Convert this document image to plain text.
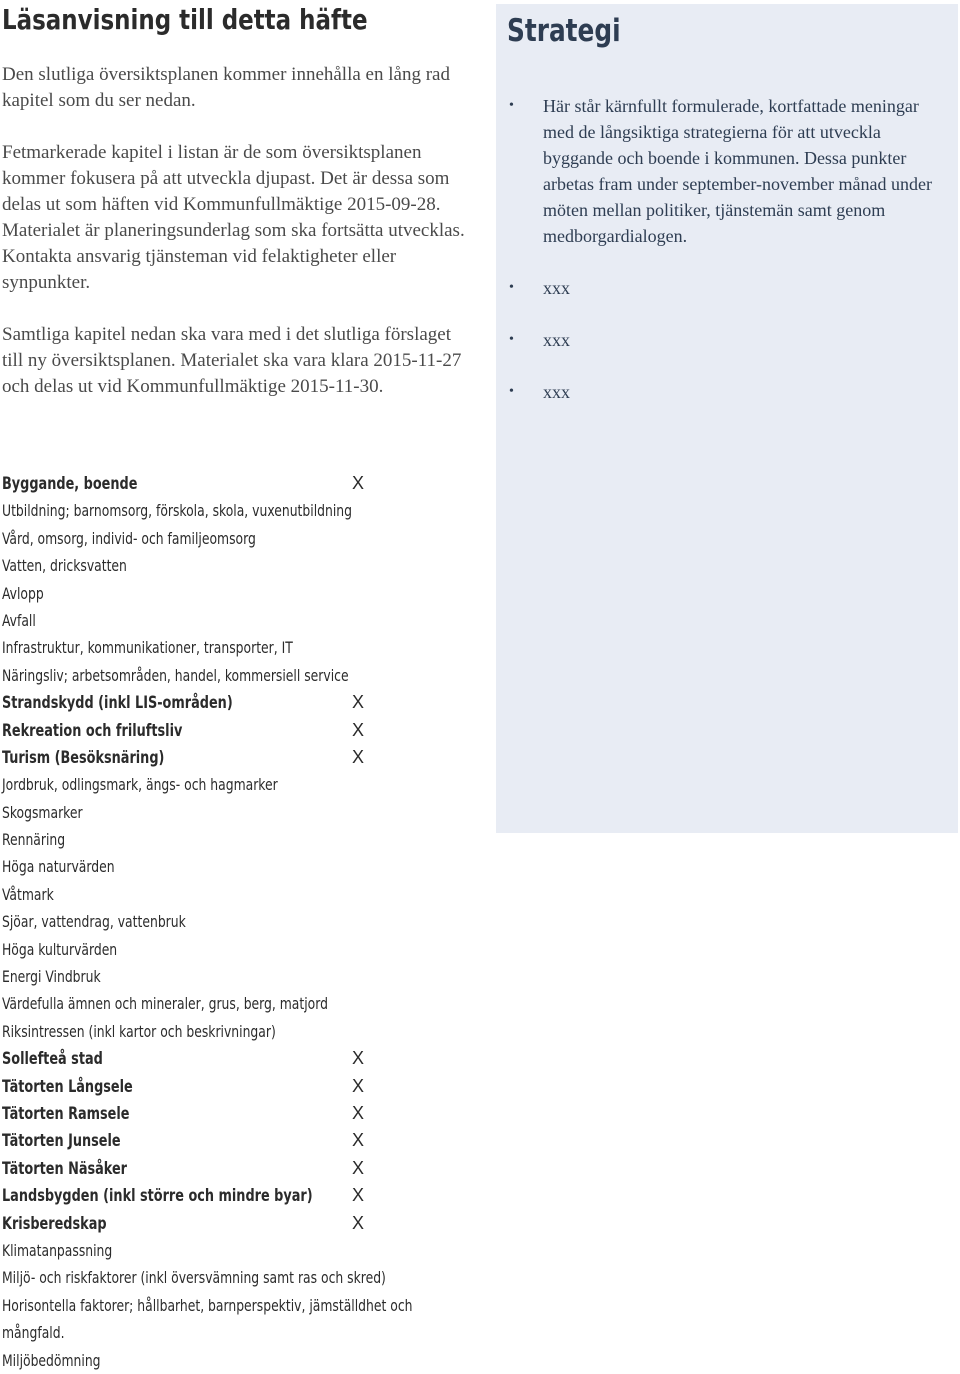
Läsanvisning till detta häfte

Den slutliga översiktsplanen kommer innehålla en lång rad kapitel som du ser nedan.

Fetmarkerade kapitel i listan är de som översiktsplanen kommer fokusera på att utveckla djupast. Det är dessa som delas ut som häften vid Kommunfullmäktige 2015-09-28. Materialet är planeringsunderlag som ska fortsätta utvecklas. Kontakta ansvarig tjänsteman vid felaktigheter eller synpunkter.

Samtliga kapitel nedan ska vara med i det slutliga förslaget till ny översiktsplanen. Materialet ska vara klara 2015-11-27 och delas ut vid Kommunfullmäktige 2015-11-30.

Strategi
• Här står kärnfullt formulerade, kortfattade meningar med de långsiktiga strategierna för att utveckla byggande och boende i kommunen. Dessa punkter arbetas fram under september-november månad under möten mellan politiker, tjänstemän samt genom medborgardialogen.
• xxx
• xxx
• xxx
Byggande, boende	X
Utbildning; barnomsorg, förskola, skola, vuxenutbildning
Vård, omsorg, individ- och familjeomsorg
Vatten, dricksvatten
Avlopp
Avfall
Infrastruktur, kommunikationer, transporter, IT
Näringsliv; arbetsområden, handel, kommersiell service
Strandskydd (inkl LIS-områden)	X
Rekreation och friluftsliv	X
Turism (Besöksnäring)	X
Jordbruk, odlingsmark, ängs- och hagmarker
Skogsmarker
Rennäring
Höga naturvärden
Våtmark
Sjöar, vattendrag, vattenbruk
Höga kulturvärden
Energi Vindbruk
Värdefulla ämnen och mineraler, grus, berg, matjord
Riksintressen (inkl kartor och beskrivningar)
Sollefteå stad	X
Tätorten Långsele	X
Tätorten Ramsele	X
Tätorten Junsele	X
Tätorten Näsåker	X
Landsbygden (inkl större och mindre byar) X
Krisberedskap	X
Klimatanpassning
Miljö- och riskfaktorer (inkl översvämning samt ras och skred)
Horisontella faktorer; hållbarhet, barnperspektiv, jämställdhet och mångfald.
Miljöbedömning
